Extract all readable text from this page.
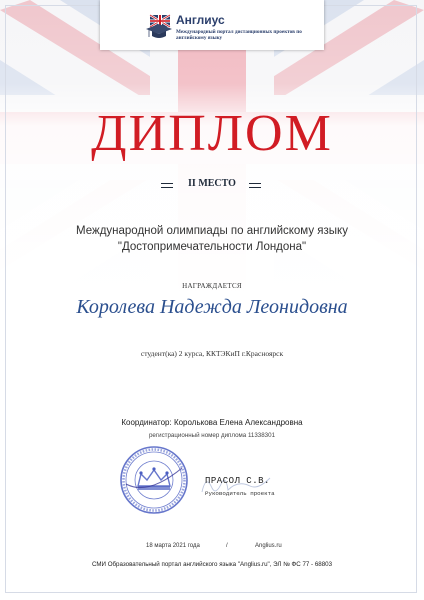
Англиус
Международный портал дистанционных проектов по английскому языку
ДИПЛОМ
II МЕСТО
Международной олимпиады по английскому языку
"Достопримечательности Лондона"
НАГРАЖДАЕТСЯ
Королева Надежда Леонидовна
студент(ка) 2 курса, ККТЭКиП г.Красноярск
Координатор: Королькова Елена Александровна
регистрационный номер диплома 11338301
ПРАСОЛ С.В.
Руководитель проекта
18 марта 2021 года	/	Anglius.ru
СМИ Образовательный портал английского языка "Anglius.ru", ЭЛ № ФС 77 - 68803
